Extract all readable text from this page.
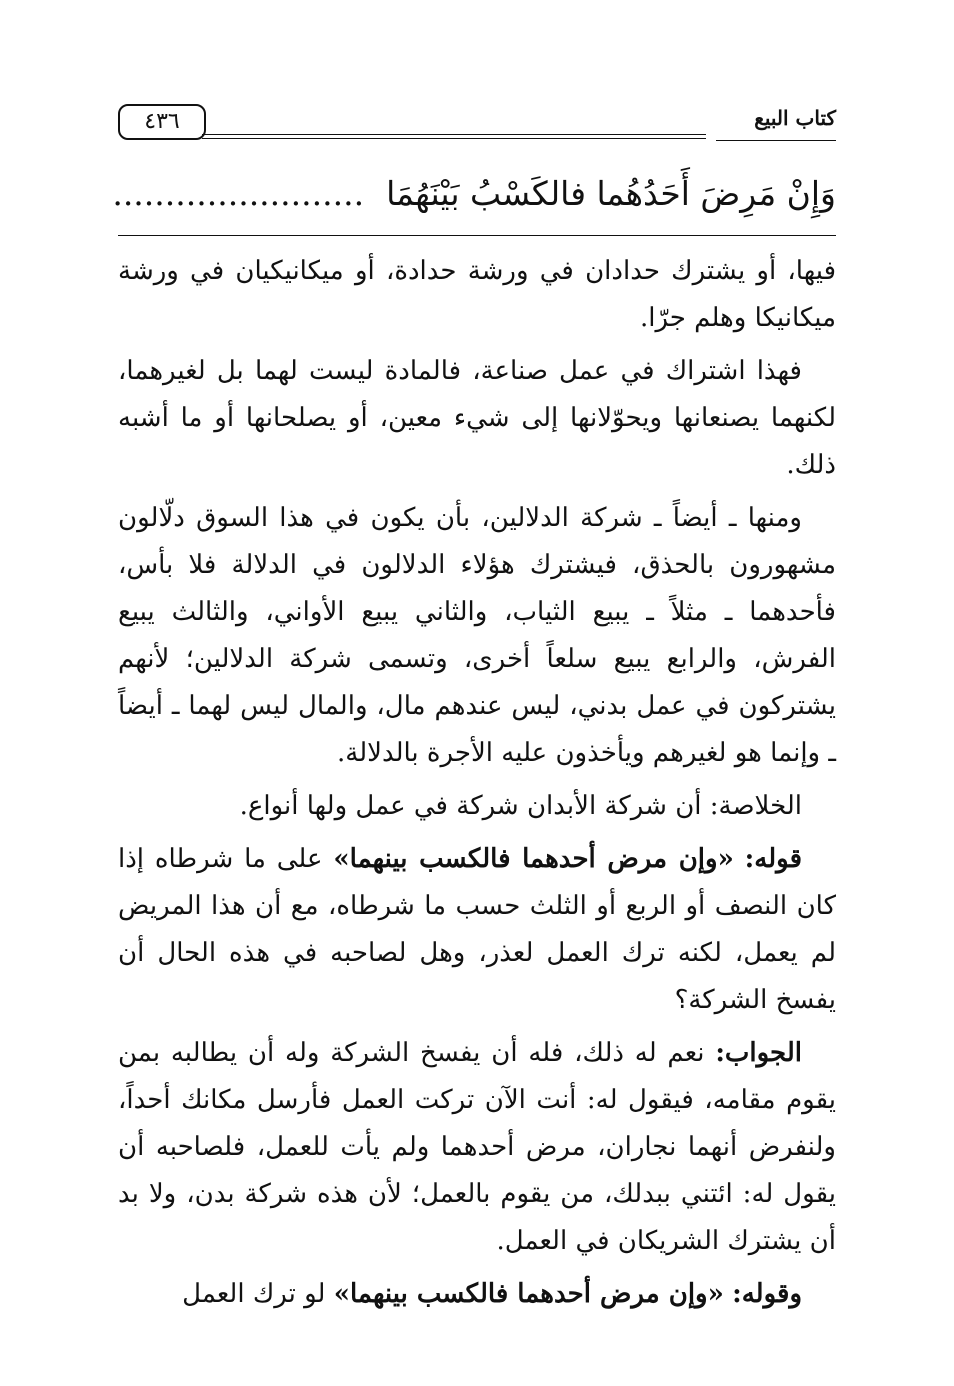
كتاب البيع
٤٣٦
وَإِنْ مَرِضَ أَحَدُهُما فالكَسْبُ بَيْنَهُمَا........................

فيها، أو يشترك حدادان في ورشة حدادة، أو ميكانيكيان في ورشة ميكانيكا وهلم جرّا.

فهذا اشتراك في عمل صناعة، فالمادة ليست لهما بل لغيرهما، لكنهما يصنعانها ويحوّلانها إلى شيء معين، أو يصلحانها أو ما أشبه ذلك.

ومنها ـ أيضاً ـ شركة الدلالين، بأن يكون في هذا السوق دلّالون مشهورون بالحذق، فيشترك هؤلاء الدلالون في الدلالة فلا بأس، فأحدهما ـ مثلاً ـ يبيع الثياب، والثاني يبيع الأواني، والثالث يبيع الفرش، والرابع يبيع سلعاً أخرى، وتسمى شركة الدلالين؛ لأنهم يشتركون في عمل بدني، ليس عندهم مال، والمال ليس لهما ـ أيضاً ـ وإنما هو لغيرهم ويأخذون عليه الأجرة بالدلالة.

الخلاصة: أن شركة الأبدان شركة في عمل ولها أنواع.

قوله: «وإن مرض أحدهما فالكسب بينهما» على ما شرطاه إذا كان النصف أو الربع أو الثلث حسب ما شرطاه، مع أن هذا المريض لم يعمل، لكنه ترك العمل لعذر، وهل لصاحبه في هذه الحال أن يفسخ الشركة؟

الجواب: نعم له ذلك، فله أن يفسخ الشركة وله أن يطالبه بمن يقوم مقامه، فيقول له: أنت الآن تركت العمل فأرسل مكانك أحداً، ولنفرض أنهما نجاران، مرض أحدهما ولم يأت للعمل، فلصاحبه أن يقول له: ائتني ببدلك، من يقوم بالعمل؛ لأن هذه شركة بدن، ولا بد أن يشترك الشريكان في العمل.

وقوله: «وإن مرض أحدهما فالكسب بينهما» لو ترك العمل
